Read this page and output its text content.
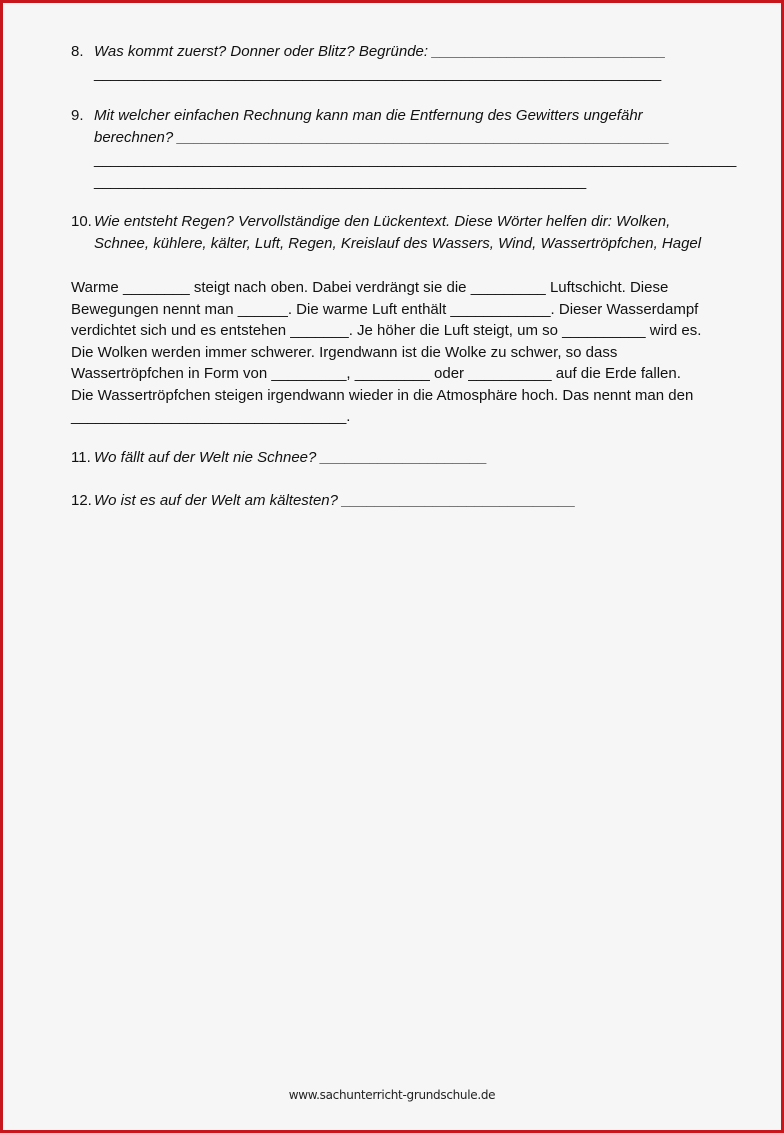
8. Was kommt zuerst? Donner oder Blitz? Begründe: ____________________________
____________________________________________________________________
9. Mit welcher einfachen Rechnung kann man die Entfernung des Gewitters ungefähr
berechnen? ___________________________________________________________
_____________________________________________________________________________
___________________________________________________________
10. Wie entsteht Regen? Vervollständige den Lückentext. Diese Wörter helfen dir: Wolken,
Schnee, kühlere, kälter, Luft, Regen, Kreislauf des Wassers, Wind, Wassertröpfchen, Hagel
Warme ________ steigt nach oben. Dabei verdrängt sie die _________ Luftschicht. Diese
Bewegungen nennt man ______. Die warme Luft enthält ____________. Dieser Wasserdampf
verdichtet sich und es entstehen _______. Je höher die Luft steigt, um so __________ wird es.
Die Wolken werden immer schwerer. Irgendwann ist die Wolke zu schwer, so dass
Wassertröpfchen in Form von _________, _________ oder __________ auf die Erde fallen.
Die Wassertröpfchen steigen irgendwann wieder in die Atmosphäre hoch. Das nennt man den
_________________________________.
11. Wo fällt auf der Welt nie Schnee? ____________________
12. Wo ist es auf der Welt am kältesten? ____________________________
www.sachunterricht-grundschule.de
